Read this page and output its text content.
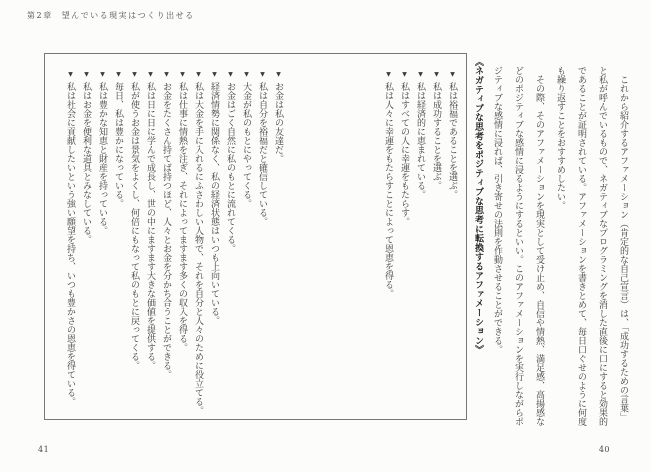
第2章 望んでいる現実はつくり出せる

これから紹介するアファメーション（肯定的な自己宣言）は、「成功するための言葉」と私が呼んでいるもので、ネガティブなプログラミングを消した直後に口にすると効果的であることが証明されている。アファメーションを書きとめて、毎日口ぐせのように何度も繰り返すことをおすすめしたい。

その際、そのアファメーションを現実として受け止め、自信や情熱、満足感、高揚感などのポジティブな感情に浸るようにするといい。このアファメーションを実行しながらポジティブな感情に浸れば、引き寄せの法則を作動させることができる。

《ネガティブな思考をポジティブな思考に転換するアファメーション》

▼私は裕福であることを選ぶ。

▼私は成功することを選ぶ。

▼私は経済的に恵まれている。

▼私はすべての人に幸運をもたらす。

▼私は人々に幸運をもたらすことによって恩恵を得る。

▼お金は私の友達だ。

▼私は自分を裕福だと確信している。

▼大金が私のもとにやってくる。

▼お金はごく自然に私のもとに流れてくる。

▼経済情勢に関係なく、私の経済状態はいつも上向いている。

▼私は大金を手に入れるにふさわしい人物で、それを自分と人々のために役立てる。

▼私は仕事に情熱を注ぎ、それによってますます多くの収入を得る。

▼お金をたくさん持てば持つほど、人々とお金を分かち合うことができる。

▼私は日に日に学んで成長し、世の中にますます大きな価値を提供する。

▼私が使うお金は景気をよくし、何倍にもなって私のもとに戻ってくる。

▼毎日、私は豊かになっている。

▼私は豊かな知恵と財産を持っている。

▼私はお金を便利な道具とみなしている。

▼私は社会に貢献したいという強い願望を持ち、いつも豊かさの恩恵を得ている。

41	40
